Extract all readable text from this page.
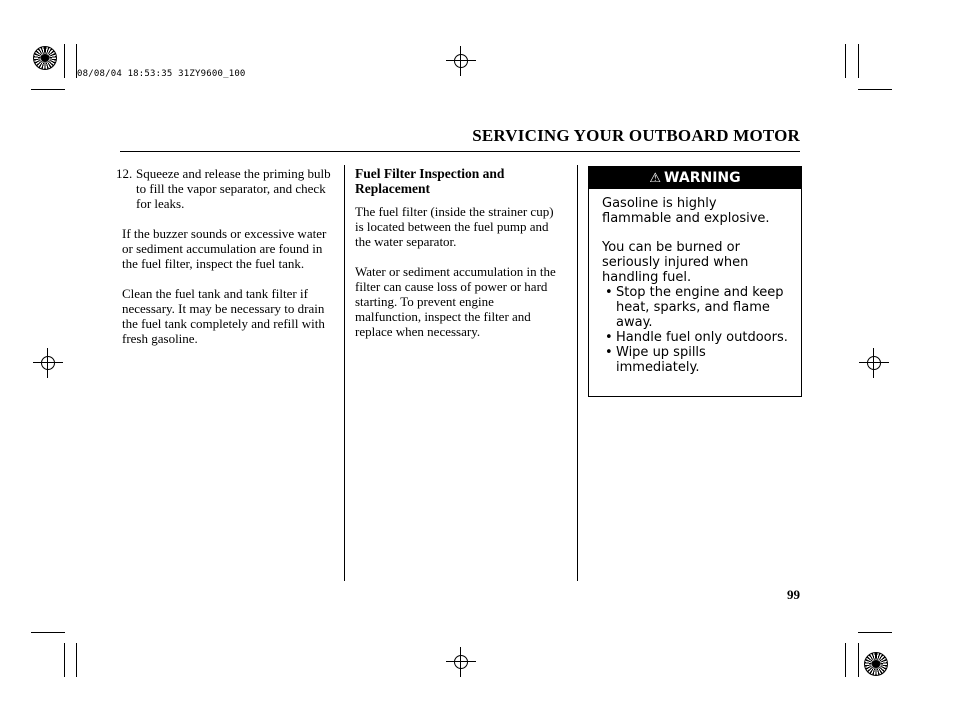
08/08/04 18:53:35 31ZY9600_100
SERVICING YOUR OUTBOARD MOTOR
12. Squeeze and release the priming bulb to fill the vapor separator, and check for leaks.

If the buzzer sounds or excessive water or sediment accumulation are found in the fuel filter, inspect the fuel tank.

Clean the fuel tank and tank filter if necessary. It may be necessary to drain the fuel tank completely and refill with fresh gasoline.

Fuel Filter Inspection and Replacement

The fuel filter (inside the strainer cup) is located between the fuel pump and the water separator.

Water or sediment accumulation in the filter can cause loss of power or hard starting. To prevent engine malfunction, inspect the filter and replace when necessary.

⚠ WARNING

Gasoline is highly flammable and explosive.

You can be burned or seriously injured when handling fuel.

• Stop the engine and keep heat, sparks, and flame away.
• Handle fuel only outdoors.
• Wipe up spills immediately.
99
